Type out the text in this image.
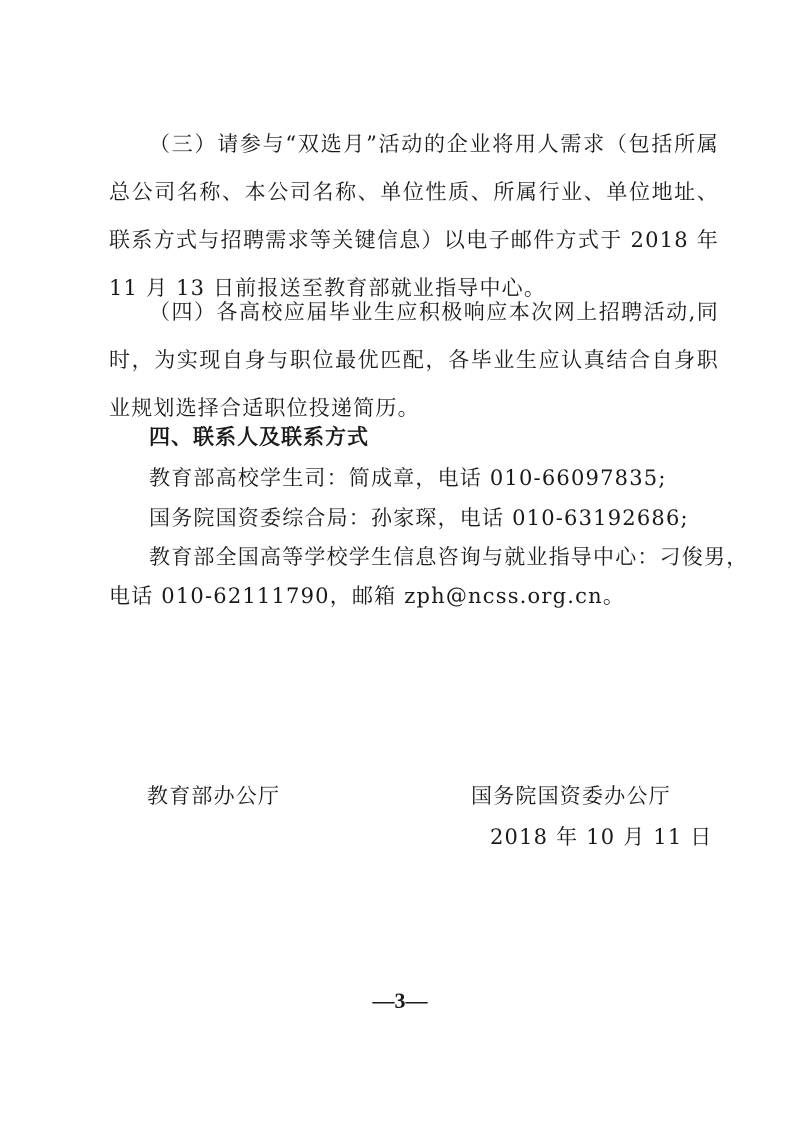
（三）请参与“双选月”活动的企业将用人需求（包括所属总公司名称、本公司名称、单位性质、所属行业、单位地址、联系方式与招聘需求等关键信息）以电子邮件方式于 2018 年 11 月 13 日前报送至教育部就业指导中心。
（四）各高校应届毕业生应积极响应本次网上招聘活动,同时，为实现自身与职位最优匹配，各毕业生应认真结合自身职业规划选择合适职位投递简历。
四、联系人及联系方式
教育部高校学生司：简成章，电话 010-66097835;
国务院国资委综合局：孙家琛，电话 010-63192686;
教育部全国高等学校学生信息咨询与就业指导中心：刁俊男，
电话 010-62111790，邮箱 zph@ncss.org.cn。
教育部办公厅	国务院国资委办公厅
2018 年 10 月 11 日
—3—
